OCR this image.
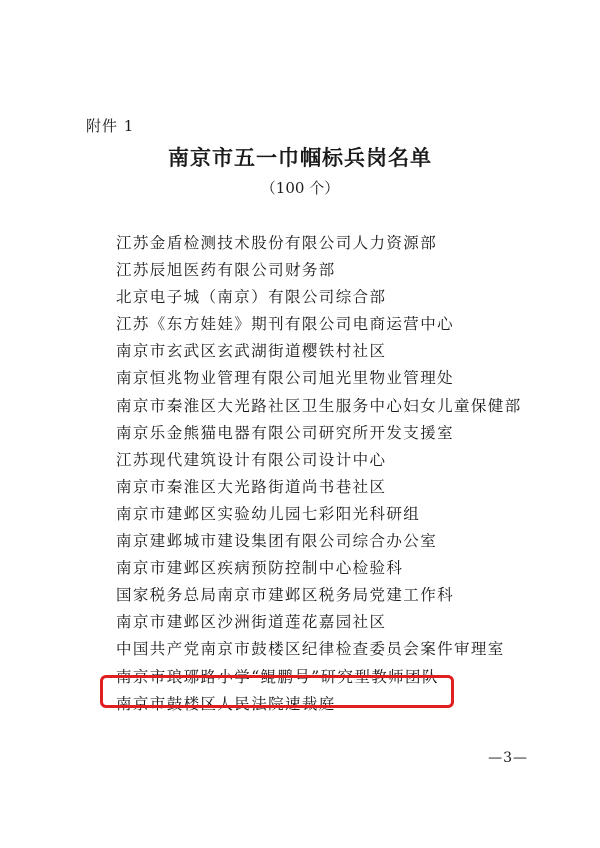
附件 1
南京市五一巾帼标兵岗名单
（100 个）
江苏金盾检测技术股份有限公司人力资源部
江苏辰旭医药有限公司财务部
北京电子城（南京）有限公司综合部
江苏《东方娃娃》期刊有限公司电商运营中心
南京市玄武区玄武湖街道樱铁村社区
南京恒兆物业管理有限公司旭光里物业管理处
南京市秦淮区大光路社区卫生服务中心妇女儿童保健部
南京乐金熊猫电器有限公司研究所开发支援室
江苏现代建筑设计有限公司设计中心
南京市秦淮区大光路街道尚书巷社区
南京市建邺区实验幼儿园七彩阳光科研组
南京建邺城市建设集团有限公司综合办公室
南京市建邺区疾病预防控制中心检验科
国家税务总局南京市建邺区税务局党建工作科
南京市建邺区沙洲街道莲花嘉园社区
中国共产党南京市鼓楼区纪律检查委员会案件审理室
南京市琅琊路小学“鲲鹏号”研究型教师团队
南京市鼓楼区人民法院速裁庭
—3—
